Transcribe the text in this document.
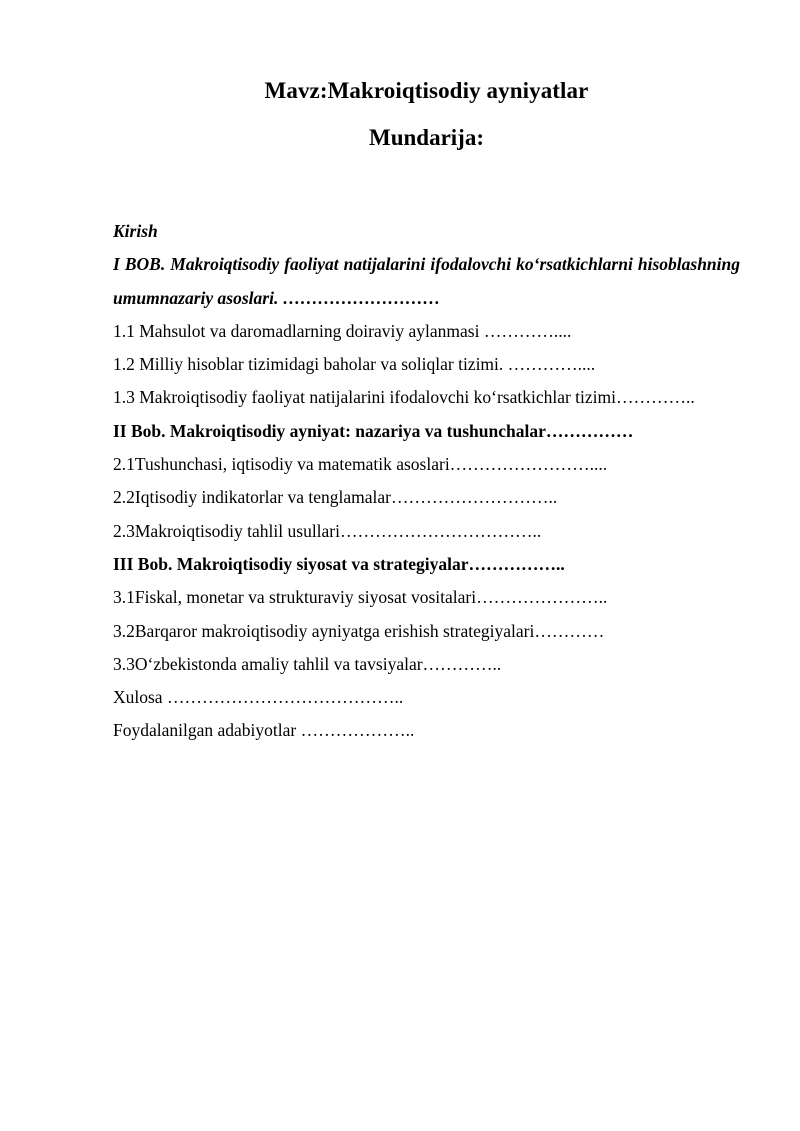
Mavz:Makroiqtisodiy ayniyatlar
Mundarija:

Kirish

I BOB. Makroiqtisodiy faoliyat natijalarini ifodalovchi ko‘rsatkichlarni hisoblashning umumnazariy asoslari. ………………………

1.1 Mahsulot va daromadlarning doiraviy aylanmasi …………....

1.2 Milliy hisoblar tizimidagi baholar va soliqlar tizimi. …………....

1.3 Makroiqtisodiy faoliyat natijalarini ifodalovchi ko‘rsatkichlar tizimi…………..

II Bob. Makroiqtisodiy ayniyat: nazariya va tushunchalar……………

2.1Tushunchasi, iqtisodiy va matematik asoslari……………………....

2.2Iqtisodiy indikatorlar va tenglamalar………………………..

2.3Makroiqtisodiy tahlil usullari……………………………..

III Bob. Makroiqtisodiy siyosat va strategiyalar……………..

3.1Fiskal, monetar va strukturaviy siyosat vositalari…………………..

3.2Barqaror makroiqtisodiy ayniyatga erishish strategiyalari…………

3.3O‘zbekistonda amaliy tahlil va tavsiyalar…………..

Xulosa …………………………………..

Foydalanilgan adabiyotlar ………………..
